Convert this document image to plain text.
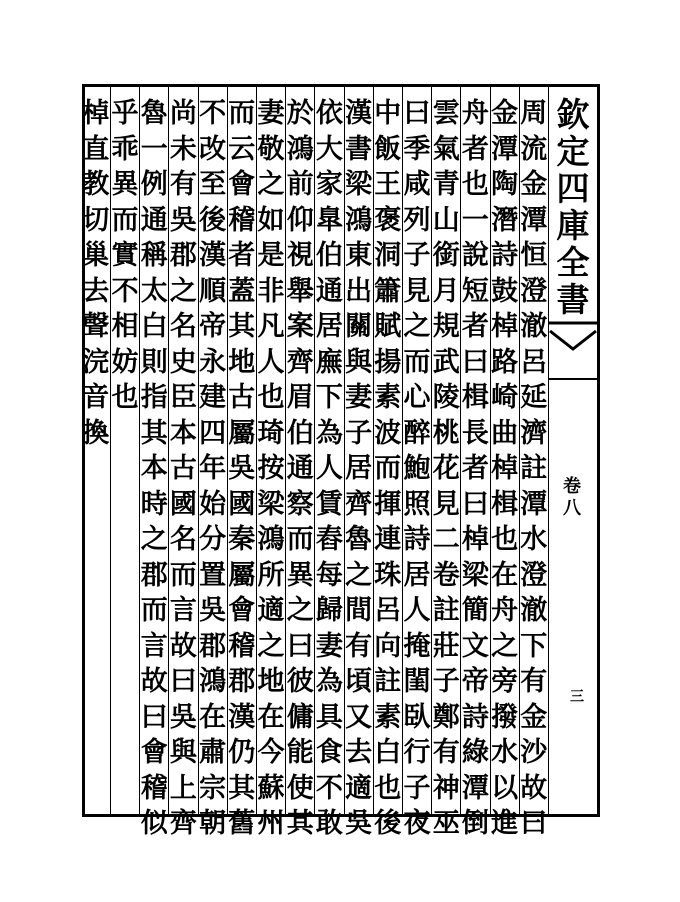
欽
定
四
庫
全
書
卷
八
三
周
流
金
潭
恒
澄
澈
呂
延
濟
註
潭
水
澄
澈
下
有
金
沙
故
曰
金
潭
陶
潛
詩
鼓
棹
路
崎
曲
棹
楫
也
在
舟
之
旁
撥
水
以
進
舟
者
也
一
說
短
者
曰
楫
長
者
曰
棹
梁
簡
文
帝
詩
綠
潭
倒
雲
氣
青
山
銜
月
規
武
陵
桃
花
見
二
卷
註
莊
子
鄭
有
神
巫
曰
季
咸
列
子
見
之
而
心
醉
鮑
照
詩
居
人
掩
閨
臥
行
子
夜
中
飯
王
褒
洞
簫
賦
揚
素
波
而
揮
連
珠
呂
向
註
素
白
也
後
漢
書
梁
鴻
東
出
關
與
妻
子
居
齊
魯
之
間
有
頃
又
去
適
吳
依
大
家
臯
伯
通
居
廡
下
為
人
賃
舂
每
歸
妻
為
具
食
不
敢
於
鴻
前
仰
視
舉
案
齊
眉
伯
通
察
而
異
之
曰
彼
傭
能
使
其
妻
敬
之
如
是
非
凡
人
也
琦
按
梁
鴻
所
適
之
地
在
今
蘇
州
而
云
會
稽
者
蓋
其
地
古
屬
吳
國
秦
屬
會
稽
郡
漢
仍
其
舊
不
改
至
後
漢
順
帝
永
建
四
年
始
分
置
吳
郡
鴻
在
肅
宗
朝
尚
未
有
吳
郡
之
名
史
臣
本
古
國
名
而
言
故
曰
吳
與
上
齊
魯
一
例
通
稱
太
白
則
指
其
本
時
之
郡
而
言
故
曰
會
稽
似
乎
乖
異
而
實
不
相
妨
也
棹
直
教
切
巢
去
聲
浣
音
換
